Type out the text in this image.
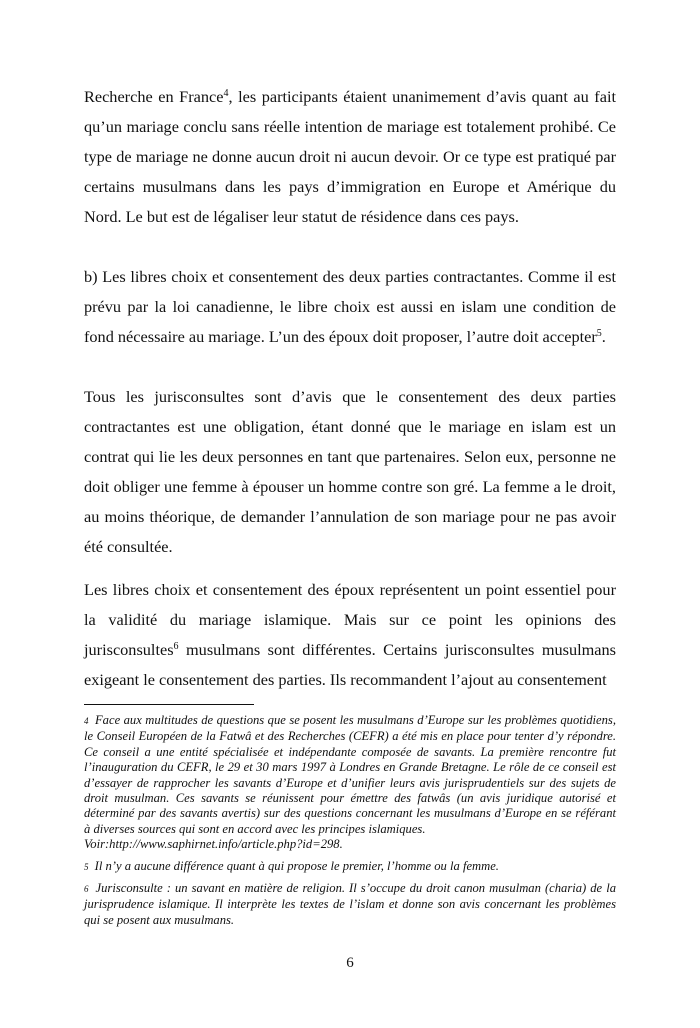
Recherche en France$^4$, les participants étaient unanimement d’avis quant au fait qu’un mariage conclu sans réelle intention de mariage est totalement prohibé. Ce type de mariage ne donne aucun droit ni aucun devoir. Or ce type est pratiqué par certains musulmans dans les pays d’immigration en Europe et Amérique du Nord. Le but est de légaliser leur statut de résidence dans ces pays.

b) Les libres choix et consentement des deux parties contractantes. Comme il est prévu par la loi canadienne, le libre choix est aussi en islam une condition de fond nécessaire au mariage. L’un des époux doit proposer, l’autre doit accepter$^5$.

Tous les jurisconsultes sont d’avis que le consentement des deux parties contractantes est une obligation, étant donné que le mariage en islam est un contrat qui lie les deux personnes en tant que partenaires. Selon eux, personne ne doit obliger une femme à épouser un homme contre son gré. La femme a le droit, au moins théorique, de demander l’annulation de son mariage pour ne pas avoir été consultée.

Les libres choix et consentement des époux représentent un point essentiel pour la validité du mariage islamique. Mais sur ce point les opinions des jurisconsultes$^6$ musulmans sont différentes. Certains jurisconsultes musulmans exigeant le consentement des parties. Ils recommandent l’ajout au consentement

4 Face aux multitudes de questions que se posent les musulmans d’Europe sur les problèmes quotidiens, le Conseil Européen de la Fatwâ et des Recherches (CEFR) a été mis en place pour tenter d’y répondre. Ce conseil a une entité spécialisée et indépendante composée de savants. La première rencontre fut l’inauguration du CEFR, le 29 et 30 mars 1997 à Londres en Grande Bretagne. Le rôle de ce conseil est d’essayer de rapprocher les savants d’Europe et d’unifier leurs avis jurisprudentiels sur des sujets de droit musulman. Ces savants se réunissent pour émettre des fatwâs (un avis juridique autorisé et déterminé par des savants avertis) sur des questions concernant les musulmans d’Europe en se référant à diverses sources qui sont en accord avec les principes islamiques.
Voir:http://www.saphirnet.info/article.php?id=298.

5 Il n’y a aucune différence quant à qui propose le premier, l’homme ou la femme.

6 Jurisconsulte : un savant en matière de religion. Il s’occupe du droit canon musulman (charia) de la jurisprudence islamique. Il interprète les textes de l’islam et donne son avis concernant les problèmes qui se posent aux musulmans.

6
